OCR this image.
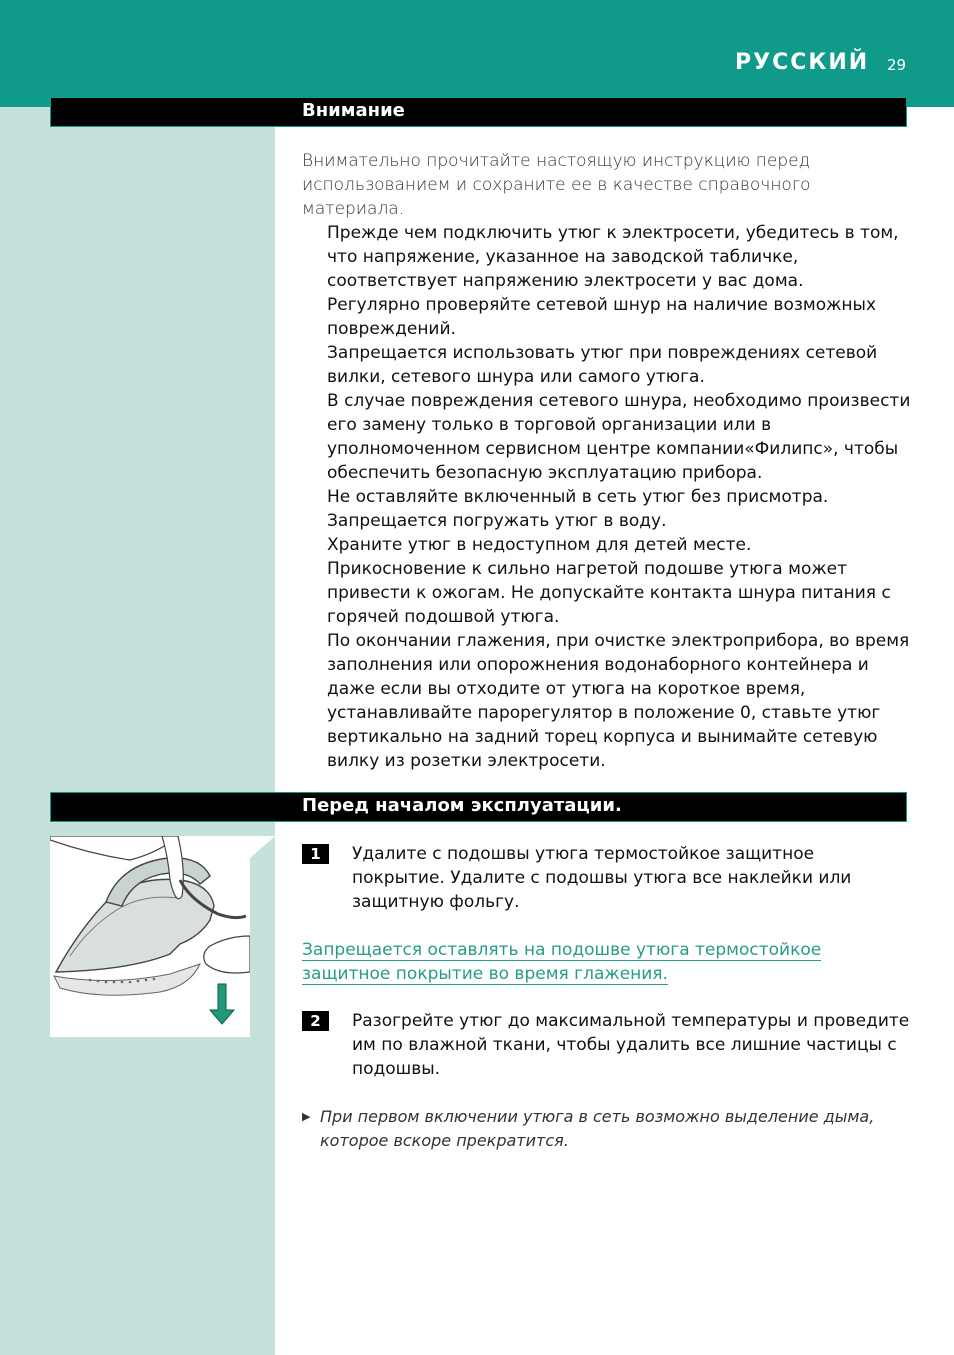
РУССКИЙ 29
Внимание
Внимательно прочитайте настоящую инструкцию перед использованием и сохраните ее в качестве справочного материала.
Прежде чем подключить утюг к электросети, убедитесь в том, что напряжение, указанное на заводской табличке, соответствует напряжению электросети у вас дома.
Регулярно проверяйте сетевой шнур на наличие возможных повреждений.
Запрещается использовать утюг при повреждениях сетевой вилки, сетевого шнура или самого утюга.
В случае повреждения сетевого шнура, необходимо произвести его замену только в торговой организации или в уполномоченном сервисном центре компании«Филипс», чтобы обеспечить безопасную эксплуатацию прибора.
Не оставляйте включенный в сеть утюг без присмотра.
Запрещается погружать утюг в воду.
Храните утюг в недоступном для детей месте.
Прикосновение к сильно нагретой подошве утюга может привести к ожогам. Не допускайте контакта шнура питания с горячей подошвой утюга.
По окончании глажения, при очистке электроприбора, во время заполнения или опорожнения водонаборного контейнера и даже если вы отходите от утюга на короткое время, устанавливайте парорегулятор в положение 0, ставьте утюг вертикально на задний торец корпуса и вынимайте сетевую вилку из розетки электросети.
Перед началом эксплуатации.
1	Удалите с подошвы утюга термостойкое защитное покрытие. Удалите с подошвы утюга все наклейки или защитную фольгу.
Запрещается оставлять на подошве утюга термостойкое защитное покрытие во время глажения.
2	Разогрейте утюг до максимальной температуры и проведите им по влажной ткани, чтобы удалить все лишние частицы с подошвы.
▶ При первом включении утюга в сеть возможно выделение дыма, которое вскоре прекратится.
